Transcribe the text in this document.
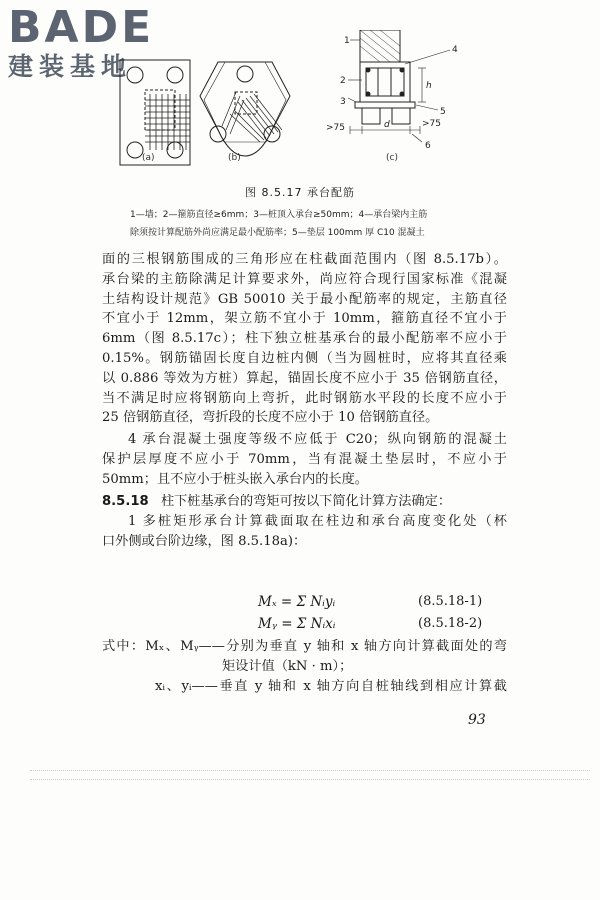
BADE
建装基地
1
2
3
4
5
6
>75	>75
d
h
(a)	(b)	(c)
图 8.5.17 承台配筋
1—墙；2—箍筋直径≥6mm；3—桩顶入承台≥50mm；4—承台梁内主筋
除须按计算配筋外尚应满足最小配筋率；5—垫层 100mm 厚 C10 混凝土
面的三根钢筋围成的三角形应在柱截面范围内（图 8.5.17b）。
承台梁的主筋除满足计算要求外，尚应符合现行国家标准《混凝
土结构设计规范》GB 50010 关于最小配筋率的规定，主筋直径
不宜小于 12mm，架立筋不宜小于 10mm，箍筋直径不宜小于
6mm（图 8.5.17c）；柱下独立桩基承台的最小配筋率不应小于
0.15%。钢筋锚固长度自边桩内侧（当为圆桩时，应将其直径乘
以 0.886 等效为方桩）算起，锚固长度不应小于 35 倍钢筋直径，
当不满足时应将钢筋向上弯折，此时钢筋水平段的长度不应小于
25 倍钢筋直径，弯折段的长度不应小于 10 倍钢筋直径。
4 承台混凝土强度等级不应低于 C20；纵向钢筋的混凝土
保护层厚度不应小于 70mm，当有混凝土垫层时，不应小于
50mm；且不应小于桩头嵌入承台内的长度。
8.5.18 柱下桩基承台的弯矩可按以下简化计算方法确定：
1 多桩矩形承台计算截面取在柱边和承台高度变化处（杯
口外侧或台阶边缘，图 8.5.18a)：
Mₓ = Σ Nᵢyᵢ	(8.5.18-1)
Mᵧ = Σ Nᵢxᵢ	(8.5.18-2)
式中：Mₓ、Mᵧ——分别为垂直 y 轴和 x 轴方向计算截面处的弯
矩设计值（kN · m）；
xᵢ、yᵢ——垂直 y 轴和 x 轴方向自桩轴线到相应计算截
93
